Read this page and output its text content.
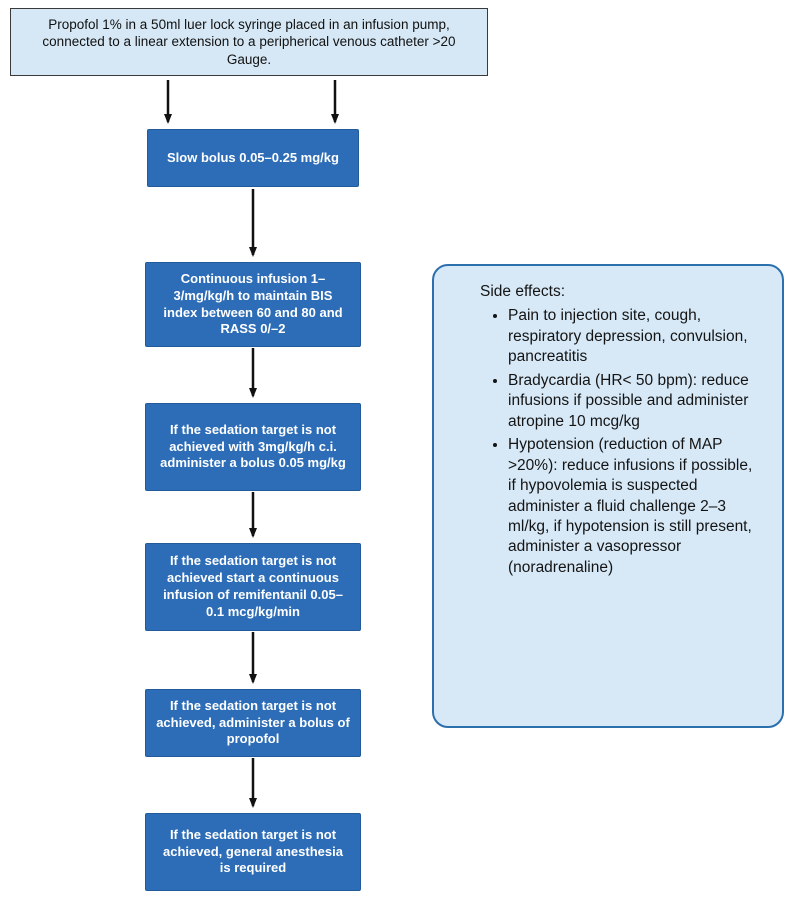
Propofol 1% in a 50ml luer lock syringe placed in an infusion pump, connected to a linear extension to a peripherical venous catheter >20 Gauge.
Slow bolus 0.05–0.25 mg/kg
Continuous infusion 1–3/mg/kg/h to maintain BIS index between 60 and 80 and RASS 0/–2
If the sedation target is not achieved with 3mg/kg/h c.i. administer a bolus 0.05 mg/kg
If the sedation target is not achieved start a continuous infusion of remifentanil 0.05–0.1 mcg/kg/min
If the sedation target is not achieved, administer a bolus of propofol
If the sedation target is not achieved, general anesthesia is required
Side effects:
• Pain to injection site, cough, respiratory depression, convulsion, pancreatitis
• Bradycardia (HR< 50 bpm): reduce infusions if possible and administer atropine 10 mcg/kg
• Hypotension (reduction of MAP >20%): reduce infusions if possible, if hypovolemia is suspected administer a fluid challenge 2–3 ml/kg, if hypotension is still present, administer a vasopressor (noradrenaline)
